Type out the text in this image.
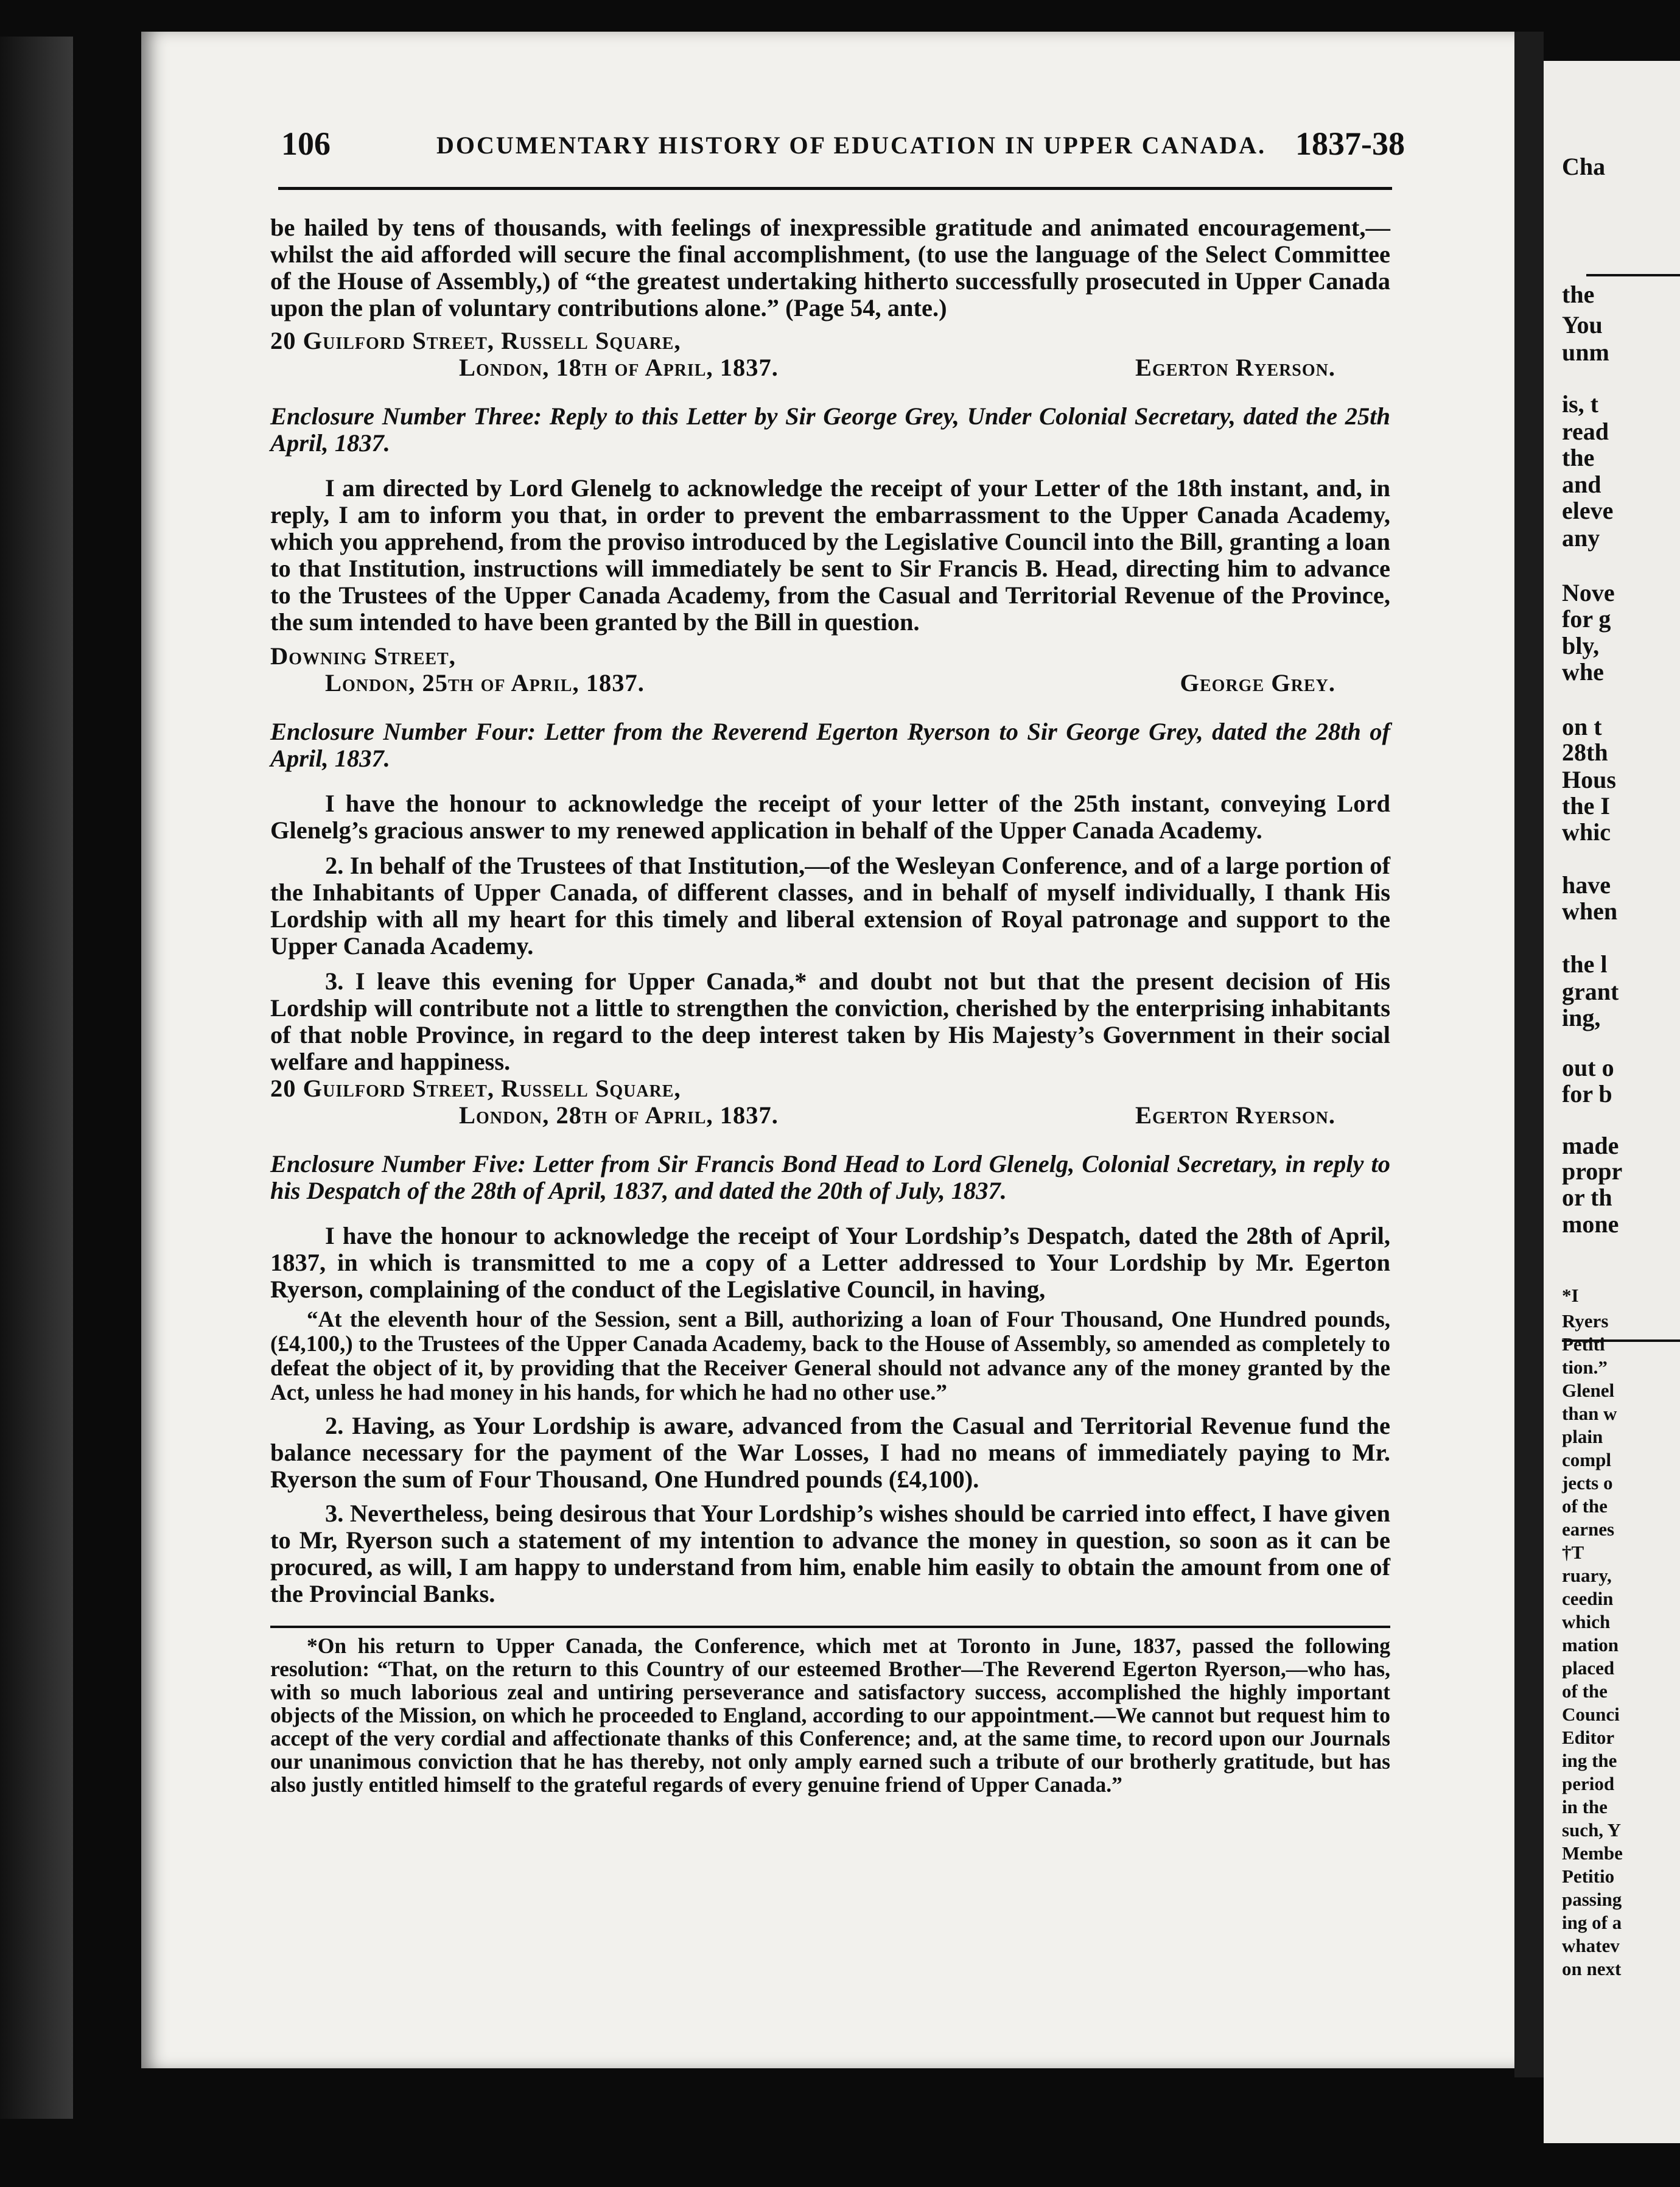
106	DOCUMENTARY HISTORY OF EDUCATION IN UPPER CANADA. 1837-38

be hailed by tens of thousands, with feelings of inexpressible gratitude and animated encouragement,—whilst the aid afforded will secure the final accomplishment, (to use the language of the Select Committee of the House of Assembly,) of “the greatest undertaking hitherto successfully prosecuted in Upper Canada upon the plan of voluntary contributions alone.” (Page 54, ante.)

20 Guilford Street, Russell Square,

London, 18th of April, 1837.	Egerton Ryerson.

Enclosure Number Three: Reply to this Letter by Sir George Grey, Under Colonial Secretary, dated the 25th April, 1837.

I am directed by Lord Glenelg to acknowledge the receipt of your Letter of the 18th instant, and, in reply, I am to inform you that, in order to prevent the embarrassment to the Upper Canada Academy, which you apprehend, from the proviso introduced by the Legislative Council into the Bill, granting a loan to that Institution, instructions will immediately be sent to Sir Francis B. Head, directing him to advance to the Trustees of the Upper Canada Academy, from the Casual and Territorial Revenue of the Province, the sum intended to have been granted by the Bill in question.

Downing Street,

London, 25th of April, 1837.	George Grey.

Enclosure Number Four: Letter from the Reverend Egerton Ryerson to Sir George Grey, dated the 28th of April, 1837.

I have the honour to acknowledge the receipt of your letter of the 25th instant, conveying Lord Glenelg’s gracious answer to my renewed application in behalf of the Upper Canada Academy.

2. In behalf of the Trustees of that Institution,—of the Wesleyan Conference, and of a large portion of the Inhabitants of Upper Canada, of different classes, and in behalf of myself individually, I thank His Lordship with all my heart for this timely and liberal extension of Royal patronage and support to the Upper Canada Academy.

3. I leave this evening for Upper Canada,* and doubt not but that the present decision of His Lordship will contribute not a little to strengthen the conviction, cherished by the enterprising inhabitants of that noble Province, in regard to the deep interest taken by His Majesty’s Government in their social welfare and happiness.

20 Guilford Street, Russell Square,

London, 28th of April, 1837.	Egerton Ryerson.

Enclosure Number Five: Letter from Sir Francis Bond Head to Lord Glenelg, Colonial Secretary, in reply to his Despatch of the 28th of April, 1837, and dated the 20th of July, 1837.

I have the honour to acknowledge the receipt of Your Lordship’s Despatch, dated the 28th of April, 1837, in which is transmitted to me a copy of a Letter addressed to Your Lordship by Mr. Egerton Ryerson, complaining of the conduct of the Legislative Council, in having,

“At the eleventh hour of the Session, sent a Bill, authorizing a loan of Four Thousand, One Hundred pounds, (£4,100,) to the Trustees of the Upper Canada Academy, back to the House of Assembly, so amended as completely to defeat the object of it, by providing that the Receiver General should not advance any of the money granted by the Act, unless he had money in his hands, for which he had no other use.”

2. Having, as Your Lordship is aware, advanced from the Casual and Territorial Revenue fund the balance necessary for the payment of the War Losses, I had no means of immediately paying to Mr. Ryerson the sum of Four Thousand, One Hundred pounds (£4,100).

3. Nevertheless, being desirous that Your Lordship’s wishes should be carried into effect, I have given to Mr, Ryerson such a statement of my intention to advance the money in question, so soon as it can be procured, as will, I am happy to understand from him, enable him easily to obtain the amount from one of the Provincial Banks.

*On his return to Upper Canada, the Conference, which met at Toronto in June, 1837, passed the following resolution: “That, on the return to this Country of our esteemed Brother—The Reverend Egerton Ryerson,—who has, with so much laborious zeal and untiring perseverance and satisfactory success, accomplished the highly important objects of the Mission, on which he proceeded to England, according to our appointment.—We cannot but request him to accept of the very cordial and affectionate thanks of this Conference; and, at the same time, to record upon our Journals our unanimous conviction that he has thereby, not only amply earned such a tribute of our brotherly gratitude, but has also justly entitled himself to the grateful regards of every genuine friend of Upper Canada.”

Cha
the
You
unm
is, t
read
the
and
eleve
any
Nove
for g
bly,
whe
on t
28th
Hous
the I
whic
have
when
the l
grant
ing,
out o
for b
made
propr
or th
mone
*I
Ryers
Petiti
tion.”
Glenel
than w
plain
compl
jects o
of the
earnes
†T
ruary,
ceedin
which
mation
placed
of the
Counci
Editor
ing the
period
in the
such, Y
Membe
Petitio
passing
ing of a
whatev
on next
